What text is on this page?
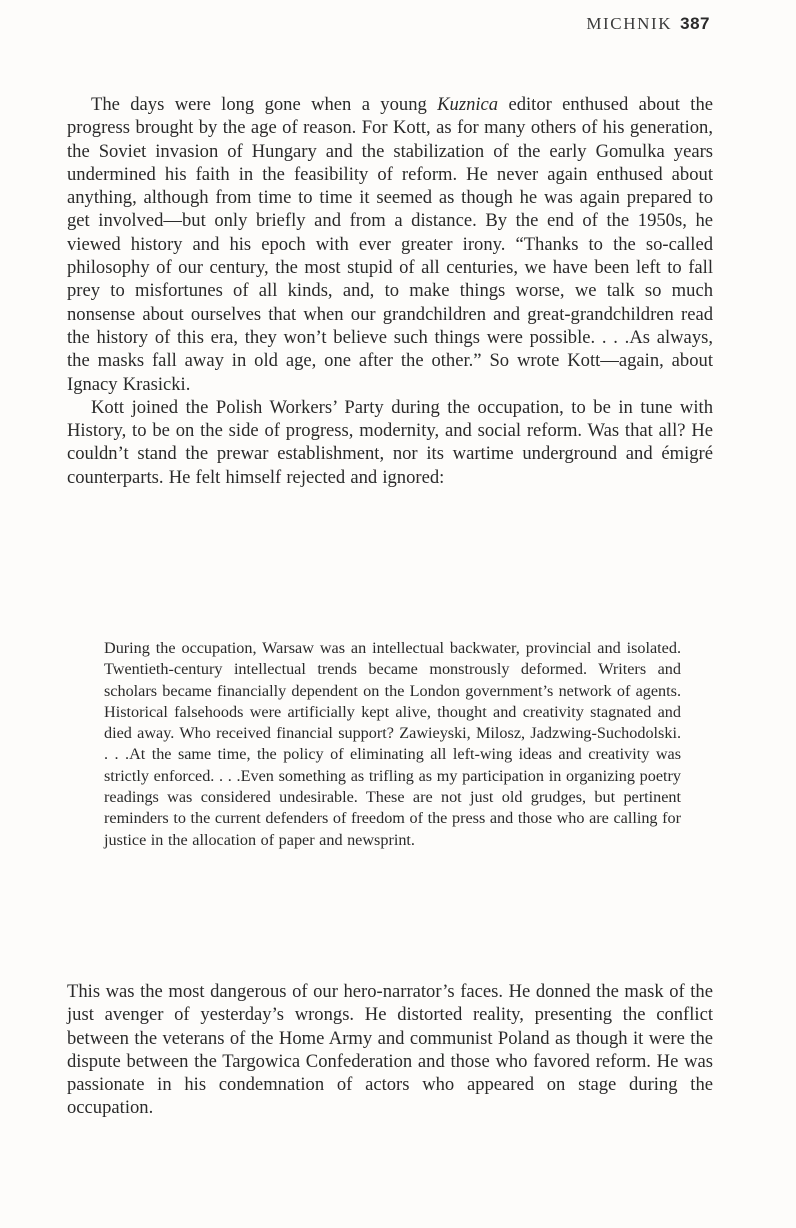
MICHNIK 387

The days were long gone when a young Kuznica editor enthused about the progress brought by the age of reason. For Kott, as for many others of his generation, the Soviet invasion of Hungary and the stabilization of the early Gomulka years undermined his faith in the feasibility of reform. He never again enthused about anything, although from time to time it seemed as though he was again prepared to get involved—but only briefly and from a distance. By the end of the 1950s, he viewed history and his epoch with ever greater irony. “Thanks to the so-called philosophy of our century, the most stupid of all centuries, we have been left to fall prey to misfortunes of all kinds, and, to make things worse, we talk so much nonsense about ourselves that when our grandchildren and great-grandchildren read the history of this era, they won’t believe such things were possible. . . .As always, the masks fall away in old age, one after the other.” So wrote Kott—again, about Ignacy Krasicki.

Kott joined the Polish Workers’ Party during the occupation, to be in tune with History, to be on the side of progress, modernity, and social reform. Was that all? He couldn’t stand the prewar establishment, nor its wartime underground and émigré counterparts. He felt himself rejected and ignored:

During the occupation, Warsaw was an intellectual backwater, provincial and isolated. Twentieth-century intellectual trends became monstrously deformed. Writers and scholars became financially dependent on the London government’s network of agents. Historical falsehoods were artificially kept alive, thought and creativity stagnated and died away. Who received financial support? Zawieyski, Milosz, Jadzwing-Suchodolski. . . .At the same time, the policy of eliminating all left-wing ideas and creativity was strictly enforced. . . .Even something as trifling as my participation in organizing poetry readings was considered undesirable. These are not just old grudges, but pertinent reminders to the current defenders of freedom of the press and those who are calling for justice in the allocation of paper and newsprint.

This was the most dangerous of our hero-narrator’s faces. He donned the mask of the just avenger of yesterday’s wrongs. He distorted reality, presenting the conflict between the veterans of the Home Army and communist Poland as though it were the dispute between the Targowica Confederation and those who favored reform. He was passionate in his condemnation of actors who appeared on stage during the occupation.
